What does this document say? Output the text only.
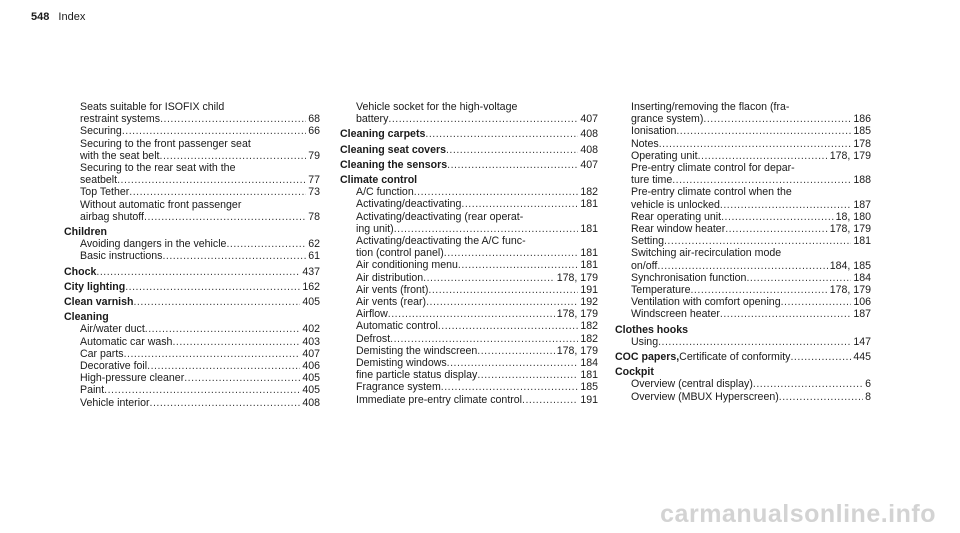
548 Index
Seats suitable for ISOFIX child
restraint systems .....	68
Securing .....	66
Securing to the front passenger seat
with the seat belt .....	79
Securing to the rear seat with the
seatbelt .....	77
Top Tether .....	73
Without automatic front passenger
airbag shutoff .....	78
Children
Avoiding dangers in the vehicle .....	62
Basic instructions .....	61
Chock .....	437
City lighting .....	162
Clean varnish .....	405
Cleaning
Air/water duct .....	402
Automatic car wash .....	403
Car parts .....	407
Decorative foil .....	406
High-pressure cleaner .....	405
Paint .....	405
Vehicle interior .....	408
Vehicle socket for the high-voltage
battery .....	407
Cleaning carpets .....	408
Cleaning seat covers .....	408
Cleaning the sensors .....	407
Climate control
A/C function .....	182
Activating/deactivating .....	181
Activating/deactivating (rear operat-
ing unit) .....	181
Activating/deactivating the A/C func-
tion (control panel) .....	181
Air conditioning menu .....	181
Air distribution .....	178, 179
Air vents (front) .....	191
Air vents (rear) .....	192
Airflow .....	178, 179
Automatic control .....	182
Defrost .....	182
Demisting the windscreen .....	178, 179
Demisting windows .....	184
fine particle status display .....	181
Fragrance system .....	185
Immediate pre-entry climate control .....	191
Inserting/removing the flacon (fra-
grance system) .....	186
Ionisation .....	185
Notes .....	178
Operating unit .....	178, 179
Pre-entry climate control for depar-
ture time .....	188
Pre-entry climate control when the
vehicle is unlocked .....	187
Rear operating unit .....	18, 180
Rear window heater .....	178, 179
Setting .....	181
Switching air-recirculation mode
on/off .....	184, 185
Synchronisation function .....	184
Temperature .....	178, 179
Ventilation with comfort opening .....	106
Windscreen heater .....	187
Clothes hooks
Using .....	147
COC papers, Certificate of conformity .....	445
Cockpit
Overview (central display) .....	6
Overview (MBUX Hyperscreen) .....	8
carmanualsonline.info
